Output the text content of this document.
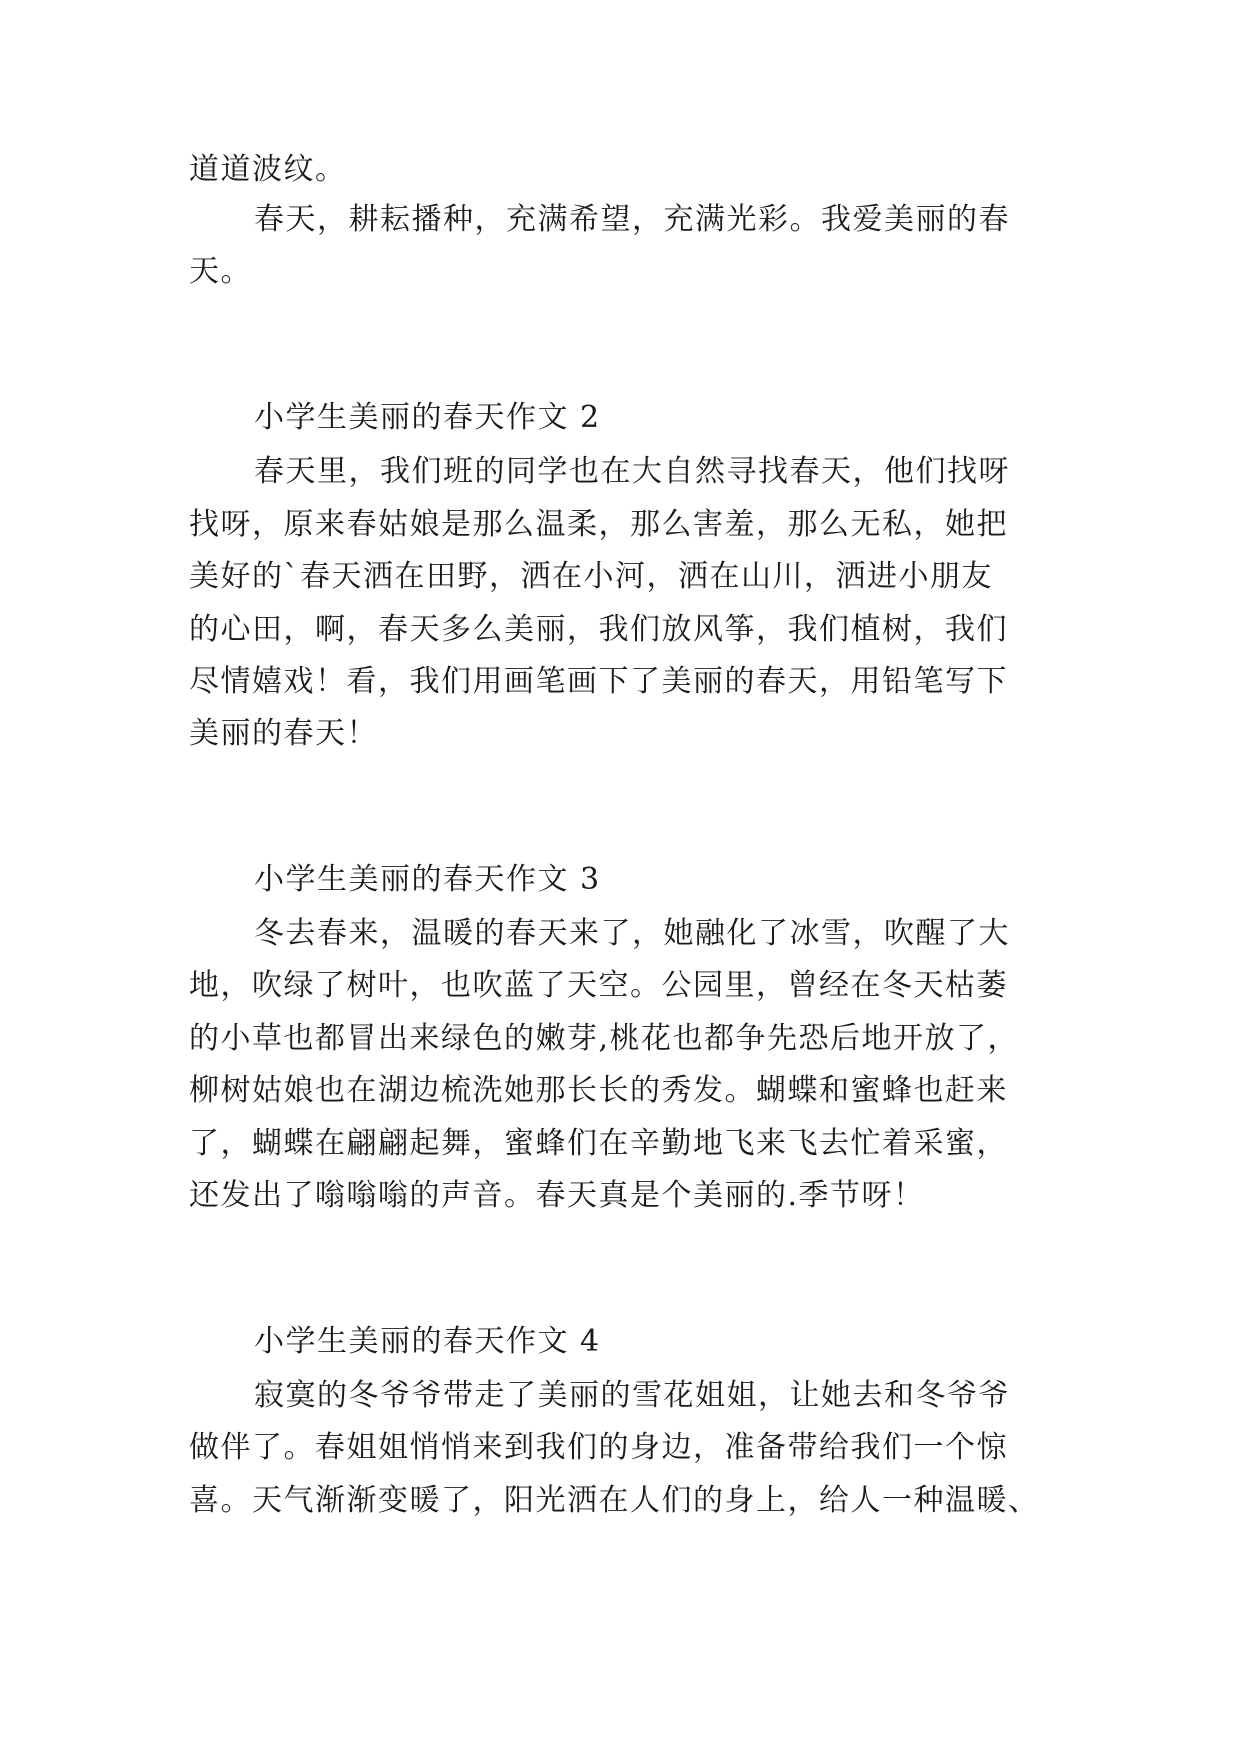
道道波纹。
春天，耕耘播种，充满希望，充满光彩。我爱美丽的春
天。
小学生美丽的春天作文 2
春天里，我们班的同学也在大自然寻找春天，他们找呀
找呀，原来春姑娘是那么温柔，那么害羞，那么无私，她把
美好的`春天洒在田野，洒在小河，洒在山川，洒进小朋友
的心田，啊，春天多么美丽，我们放风筝，我们植树，我们
尽情嬉戏！看，我们用画笔画下了美丽的春天，用铅笔写下
美丽的春天！
小学生美丽的春天作文 3
冬去春来，温暖的春天来了，她融化了冰雪，吹醒了大
地，吹绿了树叶，也吹蓝了天空。公园里，曾经在冬天枯萎
的小草也都冒出来绿色的嫩芽,桃花也都争先恐后地开放了，
柳树姑娘也在湖边梳洗她那长长的秀发。蝴蝶和蜜蜂也赶来
了，蝴蝶在翩翩起舞，蜜蜂们在辛勤地飞来飞去忙着采蜜，
还发出了嗡嗡嗡的声音。春天真是个美丽的.季节呀！
小学生美丽的春天作文 4
寂寞的冬爷爷带走了美丽的雪花姐姐，让她去和冬爷爷
做伴了。春姐姐悄悄来到我们的身边，准备带给我们一个惊
喜。天气渐渐变暖了，阳光洒在人们的身上，给人一种温暖、
